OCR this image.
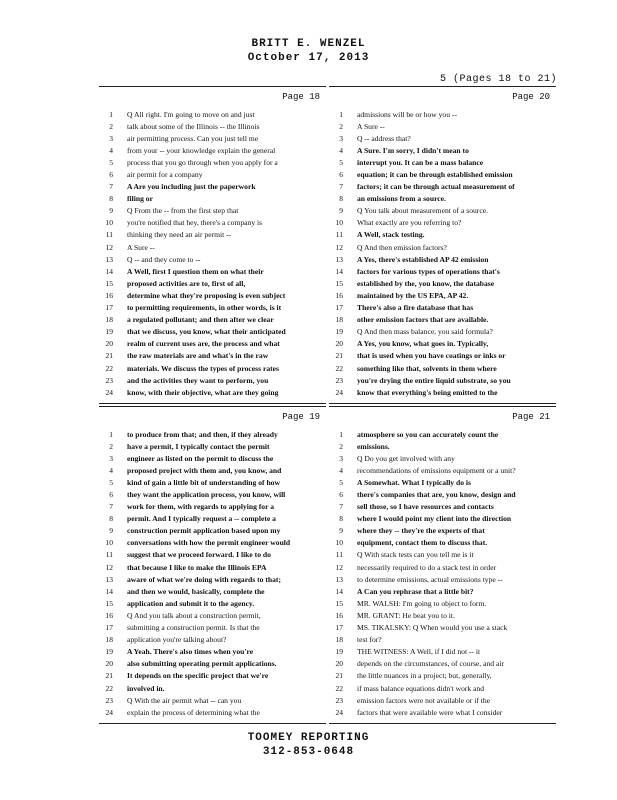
BRITT E. WENZEL
October 17, 2013
5 (Pages 18 to 21)
Page 18
1	Q All right. I'm going to move on and just
2	talk about some of the Illinois -- the Illinois
3	air permitting process. Can you just tell me
4	from your -- your knowledge explain the general
5	process that you go through when you apply for a
6	air permit for a company
7	A Are you including just the paperwork
8	filing or
9	Q From the -- from the first step that
10	you're notified that hey, there's a company is
11	thinking they need an air permit --
12	A Sure --
13	Q -- and they come to --
14	A Well, first I question them on what their
15	proposed activities are to, first of all,
16	determine what they're proposing is even subject
17	to permitting requirements, in other words, is it
18	a regulated pollutant; and then after we clear
19	that we discuss, you know, what their anticipated
20	realm of current uses are, the process and what
21	the raw materials are and what's in the raw
22	materials. We discuss the types of process rates
23	and the activities they want to perform, you
24	know, with their objective, what are they going
Page 20
1	admissions will be or how you --
2	A Sure --
3	Q -- address that?
4	A Sure. I'm sorry, I didn't mean to
5	interrupt you. It can be a mass balance
6	equation; it can be through established emission
7	factors; it can be through actual measurement of
8	an emissions from a source.
9	Q You talk about measurement of a source.
10	What exactly are you referring to?
11	A Well, stack testing.
12	Q And then emission factors?
13	A Yes, there's established AP 42 emission
14	factors for various types of operations that's
15	established by the, you know, the database
16	maintained by the US EPA, AP 42.
17	There's also a fire database that has
18	other emission factors that are available.
19	Q And then mass balance, you said formula?
20	A Yes, you know, what goes in. Typically,
21	that is used when you have coatings or inks or
22	something like that, solvents in them where
23	you're drying the entire liquid substrate, so you
24	know that everything's being emitted to the
Page 19
1	to produce from that; and then, if they already
2	have a permit, I typically contact the permit
3	engineer as listed on the permit to discuss the
4	proposed project with them and, you know, and
5	kind of gain a little bit of understanding of how
6	they want the application process, you know, will
7	work for them, with regards to applying for a
8	permit. And I typically request a -- complete a
9	construction permit application based upon my
10	conversations with how the permit engineer would
11	suggest that we proceed forward. I like to do
12	that because I like to make the Illinois EPA
13	aware of what we're doing with regards to that;
14	and then we would, basically, complete the
15	application and submit it to the agency.
16	Q And you talk about a construction permit,
17	submitting a construction permit. Is that the
18	application you're talking about?
19	A Yeah. There's also times when you're
20	also submitting operating permit applications.
21	It depends on the specific project that we're
22	involved in.
23	Q With the air permit what -- can you
24	explain the process of determining what the
Page 21
1	atmosphere so you can accurately count the
2	emissions.
3	Q Do you get involved with any
4	recommendations of emissions equipment or a unit?
5	A Somewhat. What I typically do is
6	there's companies that are, you know, design and
7	sell those, so I have resources and contacts
8	where I would point my client into the direction
9	where they -- they're the experts of that
10	equipment, contact them to discuss that.
11	Q With stack tests can you tell me is it
12	necessarily required to do a stack test in order
13	to determine emissions, actual emissions type --
14	A Can you rephrase that a little bit?
15	MR. WALSH: I'm going to object to form.
16	MR. GRANT: He beat you to it.
17	MS. TIKALSKY: Q When would you use a stack
18	test for?
19	THE WITNESS: A Well, if I did not -- it
20	depends on the circumstances, of course, and air
21	the little nuances in a project; but, generally,
22	if mass balance equations didn't work and
23	emission factors were not available or if the
24	factors that were available were what I consider
TOOMEY REPORTING
312-853-0648
